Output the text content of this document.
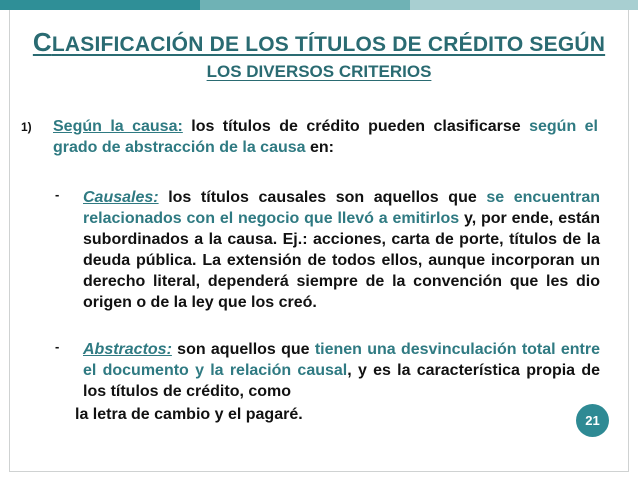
CLASIFICACIÓN DE LOS TÍTULOS DE CRÉDITO SEGÚN
LOS DIVERSOS CRITERIOS
1) Según la causa: los títulos de crédito pueden clasificarse según el grado de abstracción de la causa en:
- Causales: los títulos causales son aquellos que se encuentran relacionados con el negocio que llevó a emitirlos y, por ende, están subordinados a la causa. Ej.: acciones, carta de porte, títulos de la deuda pública. La extensión de todos ellos, aunque incorporan un derecho literal, dependerá siempre de la convención que les dio origen o de la ley que los creó.
- Abstractos: son aquellos que tienen una desvinculación total entre el documento y la relación causal, y es la característica propia de los títulos de crédito, como
la letra de cambio y el pagaré.	21
